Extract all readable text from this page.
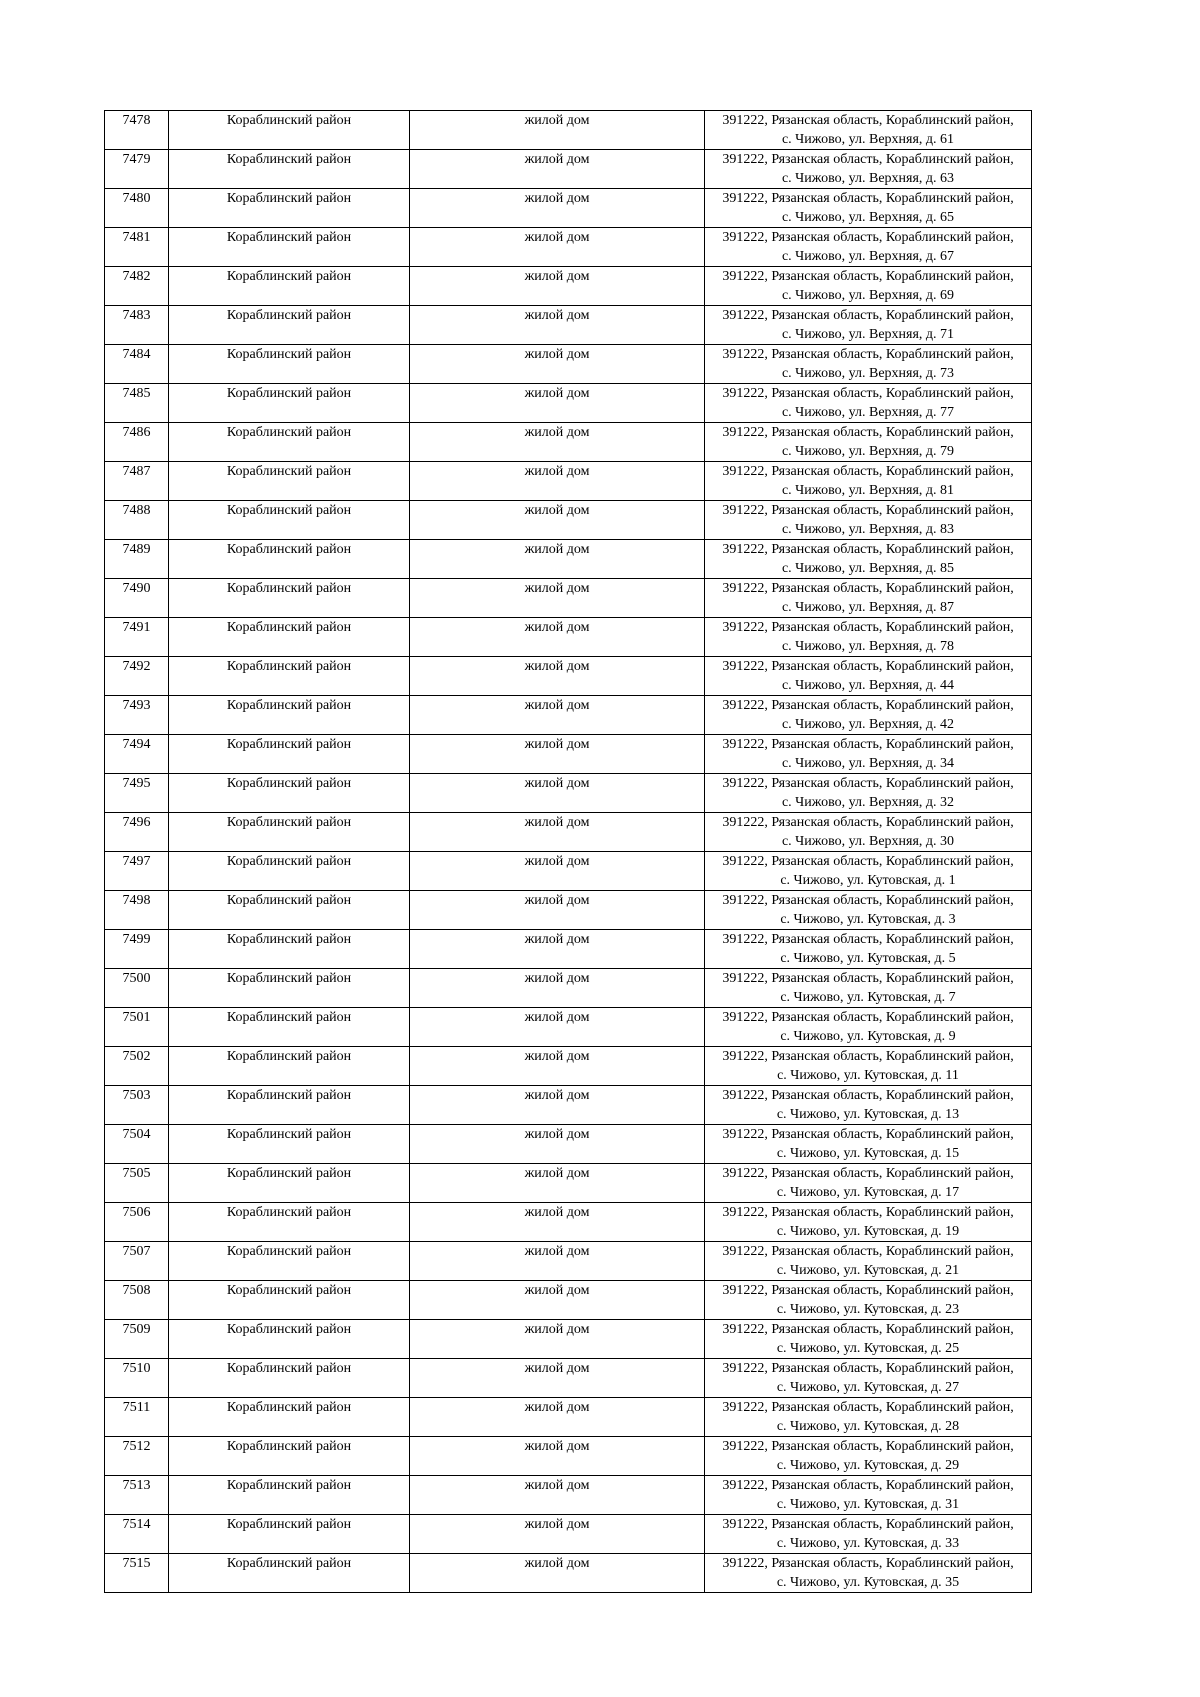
7478	Кораблинский район	жилой дом	391222, Рязанская область, Кораблинский район,
с. Чижово, ул. Верхняя, д. 61

7479	Кораблинский район	жилой дом	391222, Рязанская область, Кораблинский район,
с. Чижово, ул. Верхняя, д. 63

7480	Кораблинский район	жилой дом	391222, Рязанская область, Кораблинский район,
с. Чижово, ул. Верхняя, д. 65

7481	Кораблинский район	жилой дом	391222, Рязанская область, Кораблинский район,
с. Чижово, ул. Верхняя, д. 67

7482	Кораблинский район	жилой дом	391222, Рязанская область, Кораблинский район,
с. Чижово, ул. Верхняя, д. 69

7483	Кораблинский район	жилой дом	391222, Рязанская область, Кораблинский район,
с. Чижово, ул. Верхняя, д. 71

7484	Кораблинский район	жилой дом	391222, Рязанская область, Кораблинский район,
с. Чижово, ул. Верхняя, д. 73

7485	Кораблинский район	жилой дом	391222, Рязанская область, Кораблинский район,
с. Чижово, ул. Верхняя, д. 77

7486	Кораблинский район	жилой дом	391222, Рязанская область, Кораблинский район,
с. Чижово, ул. Верхняя, д. 79

7487	Кораблинский район	жилой дом	391222, Рязанская область, Кораблинский район,
с. Чижово, ул. Верхняя, д. 81

7488	Кораблинский район	жилой дом	391222, Рязанская область, Кораблинский район,
с. Чижово, ул. Верхняя, д. 83

7489	Кораблинский район	жилой дом	391222, Рязанская область, Кораблинский район,
с. Чижово, ул. Верхняя, д. 85

7490	Кораблинский район	жилой дом	391222, Рязанская область, Кораблинский район,
с. Чижово, ул. Верхняя, д. 87

7491	Кораблинский район	жилой дом	391222, Рязанская область, Кораблинский район,
с. Чижово, ул. Верхняя, д. 78

7492	Кораблинский район	жилой дом	391222, Рязанская область, Кораблинский район,
с. Чижово, ул. Верхняя, д. 44

7493	Кораблинский район	жилой дом	391222, Рязанская область, Кораблинский район,
с. Чижово, ул. Верхняя, д. 42

7494	Кораблинский район	жилой дом	391222, Рязанская область, Кораблинский район,
с. Чижово, ул. Верхняя, д. 34

7495	Кораблинский район	жилой дом	391222, Рязанская область, Кораблинский район,
с. Чижово, ул. Верхняя, д. 32

7496	Кораблинский район	жилой дом	391222, Рязанская область, Кораблинский район,
с. Чижово, ул. Верхняя, д. 30

7497	Кораблинский район	жилой дом	391222, Рязанская область, Кораблинский район,
с. Чижово, ул. Кутовская, д. 1

7498	Кораблинский район	жилой дом	391222, Рязанская область, Кораблинский район,
с. Чижово, ул. Кутовская, д. 3

7499	Кораблинский район	жилой дом	391222, Рязанская область, Кораблинский район,
с. Чижово, ул. Кутовская, д. 5

7500	Кораблинский район	жилой дом	391222, Рязанская область, Кораблинский район,
с. Чижово, ул. Кутовская, д. 7

7501	Кораблинский район	жилой дом	391222, Рязанская область, Кораблинский район,
с. Чижово, ул. Кутовская, д. 9

7502	Кораблинский район	жилой дом	391222, Рязанская область, Кораблинский район,
с. Чижово, ул. Кутовская, д. 11

7503	Кораблинский район	жилой дом	391222, Рязанская область, Кораблинский район,
с. Чижово, ул. Кутовская, д. 13

7504	Кораблинский район	жилой дом	391222, Рязанская область, Кораблинский район,
с. Чижово, ул. Кутовская, д. 15

7505	Кораблинский район	жилой дом	391222, Рязанская область, Кораблинский район,
с. Чижово, ул. Кутовская, д. 17

7506	Кораблинский район	жилой дом	391222, Рязанская область, Кораблинский район,
с. Чижово, ул. Кутовская, д. 19

7507	Кораблинский район	жилой дом	391222, Рязанская область, Кораблинский район,
с. Чижово, ул. Кутовская, д. 21

7508	Кораблинский район	жилой дом	391222, Рязанская область, Кораблинский район,
с. Чижово, ул. Кутовская, д. 23

7509	Кораблинский район	жилой дом	391222, Рязанская область, Кораблинский район,
с. Чижово, ул. Кутовская, д. 25

7510	Кораблинский район	жилой дом	391222, Рязанская область, Кораблинский район,
с. Чижово, ул. Кутовская, д. 27

7511	Кораблинский район	жилой дом	391222, Рязанская область, Кораблинский район,
с. Чижово, ул. Кутовская, д. 28

7512	Кораблинский район	жилой дом	391222, Рязанская область, Кораблинский район,
с. Чижово, ул. Кутовская, д. 29

7513	Кораблинский район	жилой дом	391222, Рязанская область, Кораблинский район,
с. Чижово, ул. Кутовская, д. 31

7514	Кораблинский район	жилой дом	391222, Рязанская область, Кораблинский район,
с. Чижово, ул. Кутовская, д. 33

7515	Кораблинский район	жилой дом	391222, Рязанская область, Кораблинский район,
с. Чижово, ул. Кутовская, д. 35
